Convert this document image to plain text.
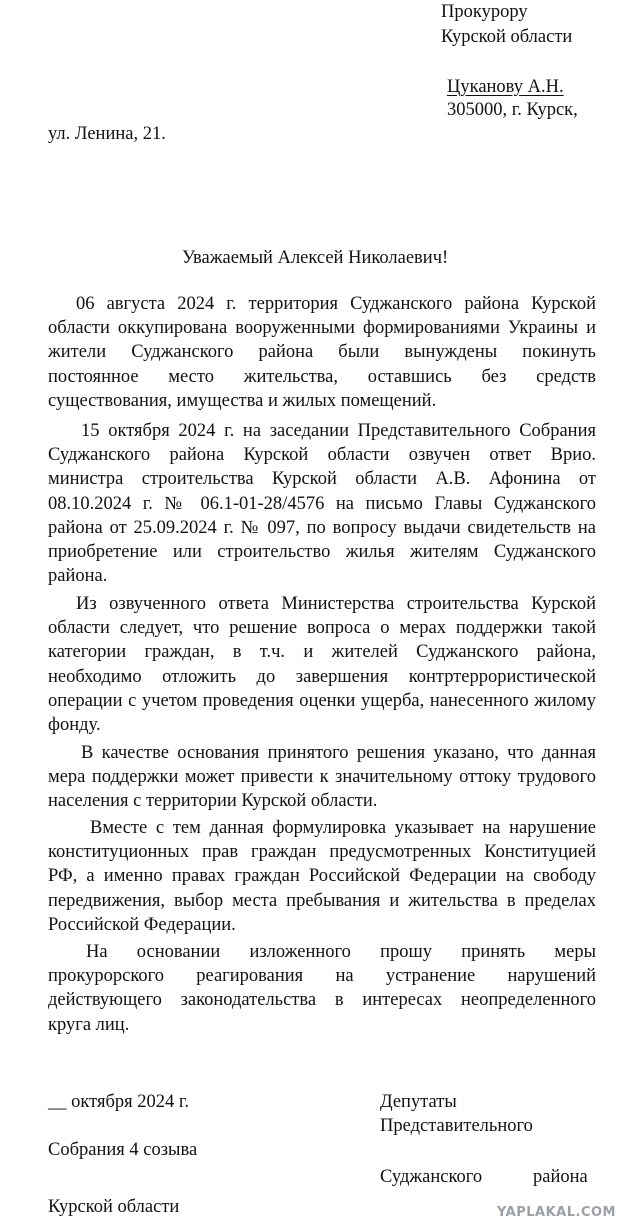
Прокурору
Курской области
Цуканову А.Н.
305000, г. Курск,
ул. Ленина, 21.
Уважаемый Алексей Николаевич!
06 августа 2024 г. территория Суджанского района Курской
области оккупирована вооруженными формированиями Украины и
жители Суджанского района были вынуждены покинуть
постоянное место жительства, оставшись без средств
существования, имущества и жилых помещений.
15 октября 2024 г. на заседании Представительного Собрания
Суджанского района Курской области озвучен ответ Врио.
министра строительства Курской области А.В. Афонина от
08.10.2024 г. № 06.1-01-28/4576 на письмо Главы Суджанского
района от 25.09.2024 г. № 097, по вопросу выдачи свидетельств на
приобретение или строительство жилья жителям Суджанского
района.
Из озвученного ответа Министерства строительства Курской
области следует, что решение вопроса о мерах поддержки такой
категории граждан, в т.ч. и жителей Суджанского района,
необходимо отложить до завершения контртеррористической
операции с учетом проведения оценки ущерба, нанесенного жилому
фонду.
В качестве основания принятого решения указано, что данная
мера поддержки может привести к значительному оттоку трудового
населения с территории Курской области.
Вместе с тем данная формулировка указывает на нарушение
конституционных прав граждан предусмотренных Конституцией
РФ, а именно правах граждан Российской Федерации на свободу
передвижения, выбор места пребывания и жительства в пределах
Российской Федерации.
На основании изложенного прошу принять меры
прокурорского реагирования на устранение нарушений
действующего законодательства в интересах неопределенного
круга лиц.
__ октября 2024 г.	Депутаты
Представительного
Собрания 4 созыва
Суджанского	района
Курской области	YAPLAKAL.COM
